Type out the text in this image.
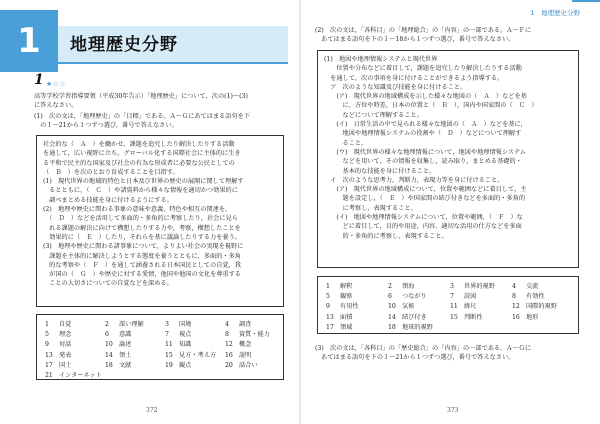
1	地理歴史分野
1 ★☆☆
高等学校学習指導要領（平成30年告示）「地理歴史」について，次の(1)〜(3)
に答えなさい。
(1)　次の文は，「地理歴史」の「目標」である。Ａ〜Ｇにあてはまる語句を下
　の１〜21から１つずつ選び，番号で答えなさい。
社会的な（　Ａ　）を働かせ，課題を追究したり解決したりする活動
を通して，広い視野に立ち，グローバル化する国際社会に主体的に生き
る平和で民主的な国家及び社会の有為な形成者に必要な公民としての
（　Ｂ　）を次のとおり育成することを目指す。
(1)　現代世界の地域的特色と日本及び世界の歴史の展開に関して理解す
　るとともに，（　Ｃ　）や諸資料から様々な情報を適切かつ効果的に
　調べまとめる技能を身に付けるようにする。
(2)　地理や歴史に関わる事象の意味や意義，特色や相互の関連を，
　（　Ｄ　）などを活用して多面的・多角的に考察したり，社会に見ら
　れる課題の解決に向けて構想したりする力や，考察，構想したことを
　効果的に（　Ｅ　）したり，それらを基に議論したりする力を養う。
(3)　地理や歴史に関わる諸事象について，よりよい社会の実現を視野に
　課題を主体的に解決しようとする態度を養うとともに，多面的・多角
　的な考察や（　Ｆ　）を通して涵養される日本国民としての自覚，我
　が国の（　Ｇ　）や歴史に対する愛情，他国や他国の文化を尊重する
　ことの大切さについての自覚などを深める。
1 自覚	2 深い理解	3 国境	4 調査
5 理念	6 意識	7 視点	8 資質・能力
9 対話	10 論述	11 知識	12 概念
13 発表	14 領土	15 見方・考え方 16 説明
17 国土	18 文献	19 観点	20 話合い
21 インターネット
372
1　地理歴史分野
(2)　次の文は，「各科目」の「地理総合」の「内容」の一部である。Ａ〜Ｆに
　あてはまる語句を下の１〜18から１つずつ選び，番号で答えなさい。
(1)　地図や地理情報システムと現代世界
　　位置や分布などに着目して，課題を追究したり解決したりする活動
　を通して，次の事項を身に付けることができるよう指導する。
　ア　次のような知識及び技能を身に付けること。
　　(ア)　現代世界の地域構成を示した様々な地図の（　Ａ　）などを基
　　　に，方位や時差，日本の位置と（　Ｂ　），国内や国家間の（　Ｃ　）
　　　などについて理解すること。
　　(イ)　日常生活の中で見られる様々な地図の（　Ａ　）などを基に，
　　　地図や地理情報システムの役割や（　Ｄ　）などについて理解す
　　　ること。
　　(ウ)　現代世界の様々な地理情報について，地図や地理情報システム
　　　などを用いて，その情報を収集し，読み取り，まとめる基礎的・
　　　基本的な技能を身に付けること。
　イ　次のような思考力，判断力，表現力等を身に付けること。
　　(ア)　現代世界の地域構成について，位置や範囲などに着目して，主
　　　題を設定し，（　Ｅ　）や国家間の結び付きなどを多面的・多角的
　　　に考察し，表現すること。
　　(イ)　地図や地理情報システムについて，位置や範囲，（　Ｆ　）な
　　　どに着目して，目的や用途，内容，適切な活用の仕方などを多面
　　　的・多角的に考察し，表現すること。
1 解釈	2 領海	3 世界的視野	4 交流
5 観察	6 つながり	7 読図	8 有効性
9 有用性	10 気候	11 緯尺	12 国際的視野
13 面積	14 結び付き	15 判断性	16 地形
17 領域	18 地球的視野
(3)　次の文は，「各科目」の「歴史総合」の「内容」の一部である。Ａ〜Ｇに
　あてはまる語句を下の１〜21から１つずつ選び，番号で答えなさい。
373
